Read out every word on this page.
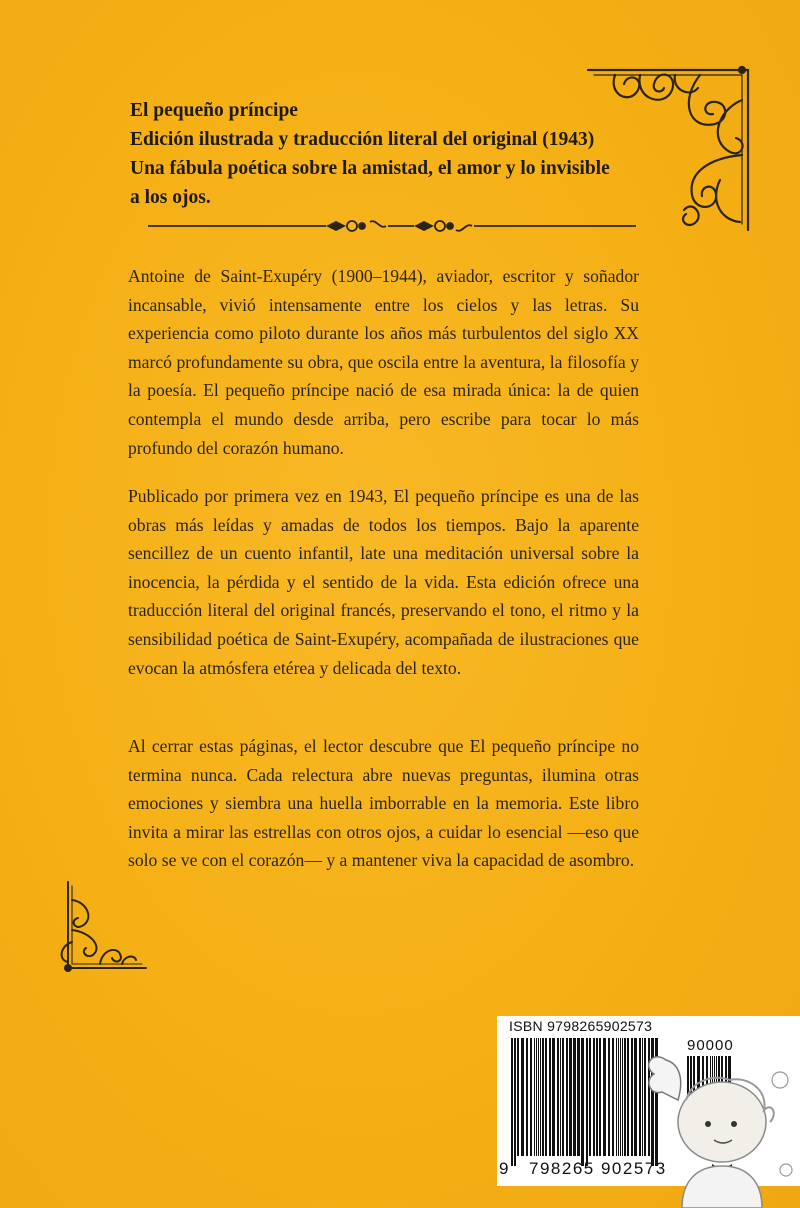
El pequeño príncipe
Edición ilustrada y traducción literal del original (1943)
Una fábula poética sobre la amistad, el amor y lo invisible
a los ojos.

Antoine de Saint-Exupéry (1900–1944), aviador, escritor y soñador incansable, vivió intensamente entre los cielos y las letras. Su experiencia como piloto durante los años más turbulentos del siglo XX marcó profundamente su obra, que oscila entre la aventura, la filosofía y la poesía. El pequeño príncipe nació de esa mirada única: la de quien contempla el mundo desde arriba, pero escribe para tocar lo más profundo del corazón humano.

Publicado por primera vez en 1943, El pequeño príncipe es una de las obras más leídas y amadas de todos los tiempos. Bajo la aparente sencillez de un cuento infantil, late una meditación universal sobre la inocencia, la pérdida y el sentido de la vida. Esta edición ofrece una traducción literal del original francés, preservando el tono, el ritmo y la sensibilidad poética de Saint-Exupéry, acompañada de ilustraciones que evocan la atmósfera etérea y delicada del texto.

Al cerrar estas páginas, el lector descubre que El pequeño príncipe no termina nunca. Cada relectura abre nuevas preguntas, ilumina otras emociones y siembra una huella imborrable en la memoria. Este libro invita a mirar las estrellas con otros ojos, a cuidar lo esencial —eso que solo se ve con el corazón— y a mantener viva la capacidad de asombro.

ISBN 9798265902573
90000
9 798265 902573
